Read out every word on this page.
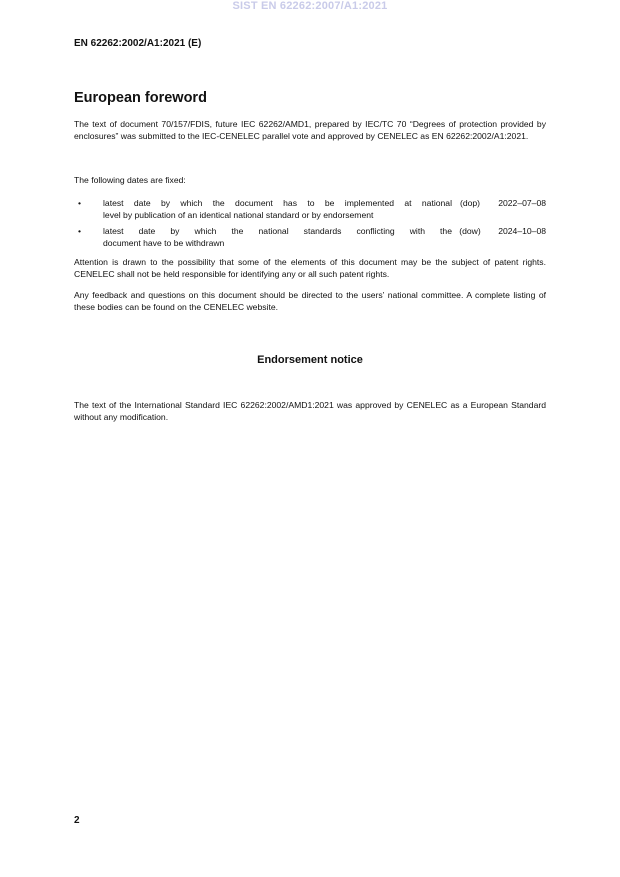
SIST EN 62262:2007/A1:2021
EN 62262:2002/A1:2021 (E)
European foreword
The text of document 70/157/FDIS, future IEC 62262/AMD1, prepared by IEC/TC 70 “Degrees of protection provided by enclosures” was submitted to the IEC-CENELEC parallel vote and approved by CENELEC as EN 62262:2002/A1:2021.
The following dates are fixed:
•	latest date by which the document has to be implemented at national (dop)	2022–07–08
level by publication of an identical national standard or by endorsement
•	latest date by which the national standards conflicting with the (dow)	2024–10–08
document have to be withdrawn
Attention is drawn to the possibility that some of the elements of this document may be the subject of patent rights. CENELEC shall not be held responsible for identifying any or all such patent rights.
Any feedback and questions on this document should be directed to the users’ national committee. A complete listing of these bodies can be found on the CENELEC website.
Endorsement notice
The text of the International Standard IEC 62262:2002/AMD1:2021 was approved by CENELEC as a European Standard without any modification.
2
